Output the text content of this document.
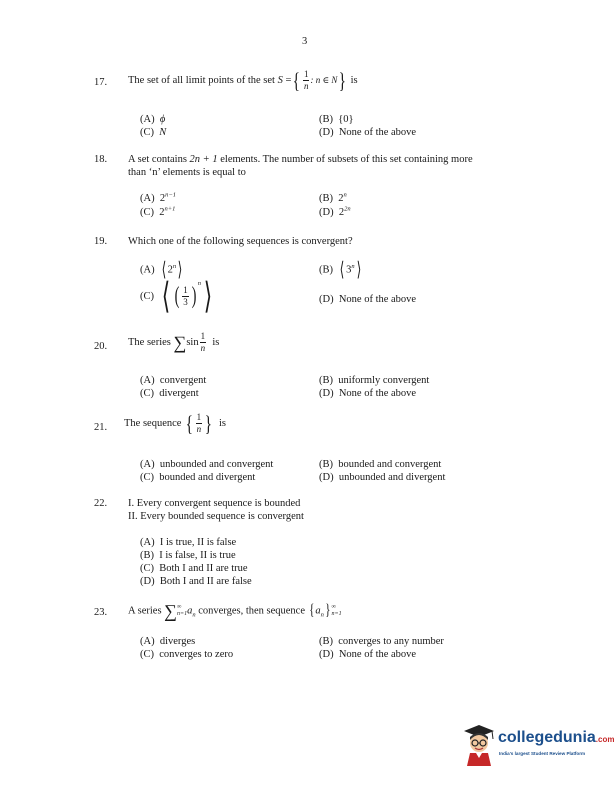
3
17. The set of all limit points of the set S ={ $\frac{1}{n}$ : n ∈ N} is
(A) ϕ	(B) {0}
(C) N	(D) None of the above
18. A set contains 2n + 1 elements. The number of subsets of this set containing more
than ‘n’ elements is equal to
(A) $2^{n-1}$	(B) 2$^n$
(C) $2^{n+1}$	(D) $2^{2n}$
19. Which one of the following sequences is convergent?
(A) ⟨ 2$^n$⟩	(B) ⟨ 3$^n$⟩
(C) ⟨ ( $\frac{1}{3}$ ) $^n$⟩	(D) None of the above
20. The series $\sum\sin \frac{1}{n}$ is
(A) convergent	(B) uniformly convergent
(C) divergent	(D) None of the above
21. The sequence { $\frac{1}{n}$ } is
(A) unbounded and convergent	(B) bounded and convergent
(C) bounded and divergent	(D) unbounded and divergent
22. I. Every convergent sequence is bounded
II. Every bounded sequence is convergent
(A) I is true, II is false
(B) I is false, II is true
(C) Both I and II are true
(D) Both I and II are false
23. A series ∑ ∞
n=1 $a_n$ converges, then sequence $\{a_n\}$ ∞
n=1
(A) diverges	(B) converges to any number
(C) converges to zero	(D) None of the above
collegedunia.com
India's largest Student Review Platform
